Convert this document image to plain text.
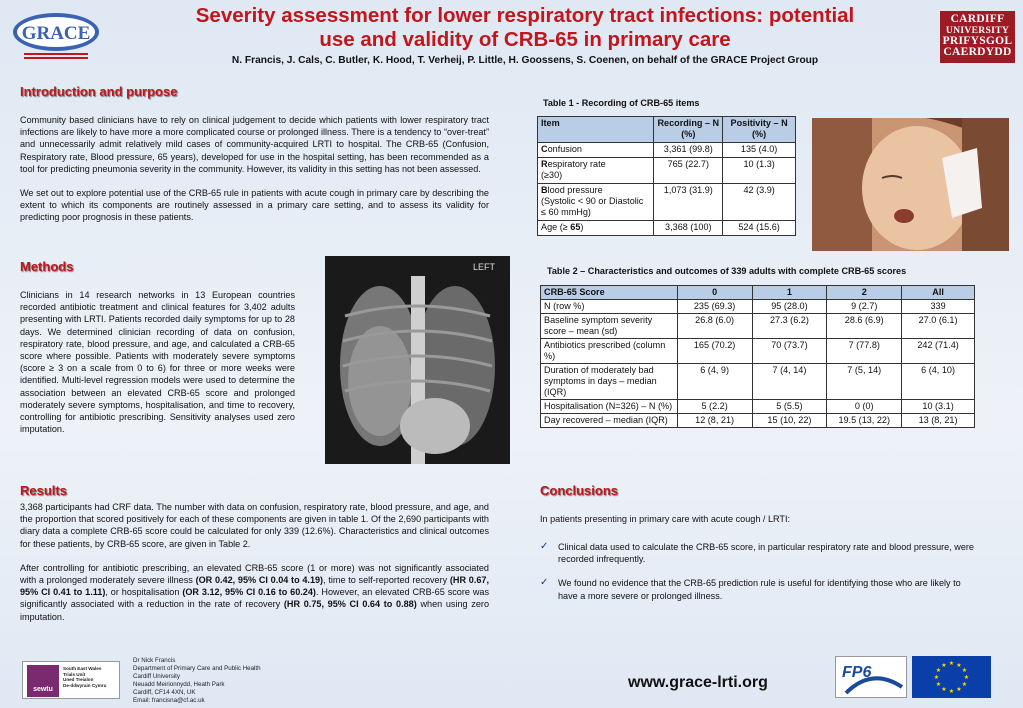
GRACE
Severity assessment for lower respiratory tract infections: potential
use and validity of CRB-65 in primary care
N. Francis, J. Cals, C. Butler, K. Hood, T. Verheij, P. Little, H. Goossens, S. Coenen, on behalf of the GRACE Project Group
CARDIFF
UNIVERSITY
PRIFYSGOL
CAERDYDD
Introduction and purpose

Community based clinicians have to rely on clinical judgement to decide which patients with lower respiratory tract infections are likely to have more a more complicated course or prolonged illness. There is a tendency to “over-treat” and unnecessarily admit relatively mild cases of community-acquired LRTI to hospital. The CRB-65 (Confusion, Respiratory rate, Blood pressure, 65 years), developed for use in the hospital setting, has been recommended as a tool for predicting pneumonia severity in the community. However, its validity in this setting has not been assessed.

We set out to explore potential use of the CRB-65 rule in patients with acute cough in primary care by describing the extent to which its components are routinely assessed in a primary care setting, and to assess its validity for predicting poor prognosis in these patients.

Methods

Clinicians in 14 research networks in 13 European countries recorded antibiotic treatment and clinical features for 3,402 adults presenting with LRTI. Patients recorded daily symptoms for up to 28 days. We determined clinician recording of data on confusion, respiratory rate, blood pressure, and age, and calculated a CRB-65 score where possible. Patients with moderately severe symptoms (score ≥ 3 on a scale from 0 to 6) for three or more weeks were identified. Multi-level regression models were used to determine the association between an elevated CRB-65 score and prolonged moderately severe symptoms, hospitalisation, and time to recovery, controlling for antibiotic prescribing. Sensitivity analyses used zero imputation.

LEFT
Results

3,368 participants had CRF data. The number with data on confusion, respiratory rate, blood pressure, and age, and the proportion that scored positively for each of these components are given in table 1. Of the 2,690 participants with diary data a complete CRB-65 score could be calculated for only 339 (12.6%). Characteristics and clinical outcomes for these patients, by CRB-65 score, are given in Table 2.

After controlling for antibiotic prescribing, an elevated CRB-65 score (1 or more) was not significantly associated with a prolonged moderately severe illness (OR 0.42, 95% CI 0.04 to 4.19), time to self-reported recovery (HR 0.67, 95% CI 0.41 to 1.11), or hospitalisation (OR 3.12, 95% CI 0.16 to 60.24). However, an elevated CRB-65 score was significantly associated with a reduction in the rate of recovery (HR 0.75, 95% CI 0.64 to 0.88) when using zero imputation.

Table 1 - Recording of CRB-65 items
Item	Recording – N (%)	Positivity – N (%)
Confusion	3,361 (99.8)	135 (4.0)
Respiratory rate
(≥30)	765 (22.7)	10 (1.3)
Blood pressure
(Systolic < 90 or Diastolic ≤ 60 mmHg)	1,073 (31.9)	42 (3.9)
Age (≥ 65)	3,368 (100)	524 (15.6)
Table 2 – Characteristics and outcomes of 339 adults with complete CRB-65 scores
CRB-65 Score	0	1	2	All
N (row %)	235 (69.3)	95 (28.0)	9 (2.7)	339
Baseline symptom severity score – mean (sd)	26.8 (6.0)	27.3 (6.2)	28.6 (6.9)	27.0 (6.1)
Antibiotics prescribed (column %)	165 (70.2)	70 (73.7)	7 (77.8)	242 (71.4)
Duration of moderately bad symptoms in days – median (IQR)	6 (4, 9)	7 (4, 14)	7 (5, 14)	6 (4, 10)
Hospitalisation (N=326) – N (%)	5 (2.2)	5 (5.5)	0 (0)	10 (3.1)
Day recovered – median (IQR)	12 (8, 21)	15 (10, 22)	19.5 (13, 22)	13 (8, 21)
Conclusions
In patients presenting in primary care with acute cough / LRTI:
✓ Clinical data used to calculate the CRB-65 score, in particular respiratory rate and blood pressure, were recorded infrequently.
✓ We found no evidence that the CRB-65 prediction rule is useful for identifying those who are likely to have a more severe or prolonged illness.
sewtu
South East Wales
Trials Unit
Uned Treialon
De-ddwyrain Cymru
Dr Nick Francis
Department of Primary Care and Public Health
Cardiff University
Neuadd Meirionnydd, Heath Park
Cardiff, CF14 4XN, UK
Email: francisna@cf.ac.uk
www.grace-lrti.org
FP6
★ ★
★
★
★
★
★
★
★
★
★
★
